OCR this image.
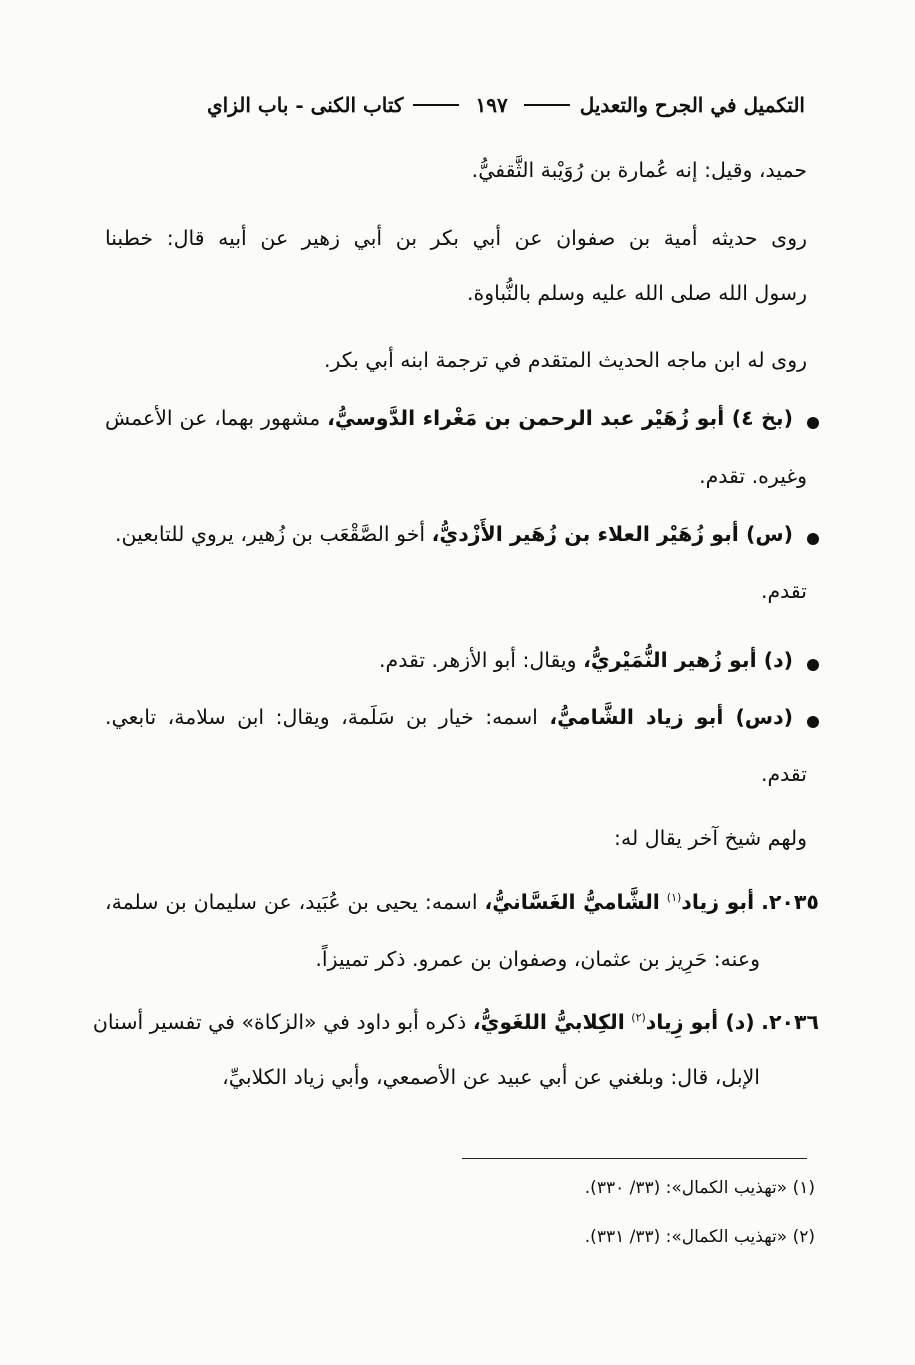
التكميل في الجرح والتعديل
١٩٧
كتاب الكنى - باب الزاي
حميد، وقيل: إنه عُمارة بن رُوَيْبة الثَّقفيُّ.
روى حديثه أمية بن صفوان عن أبي بكر بن أبي زهير عن أبيه قال: خطبنا
رسول الله صلى الله عليه وسلم بالنُّباوة.
روى له ابن ماجه الحديث المتقدم في ترجمة ابنه أبي بكر.
(بخ ٤) أبو زُهَيْر عبد الرحمن بن مَغْراء الدَّوسيُّ، مشهور بهما، عن الأعمش
وغيره. تقدم.
(س) أبو زُهَيْر العلاء بن زُهَير الأَزْديُّ، أخو الصَّقْعَب بن زُهير، يروي للتابعين.
تقدم.
(د) أبو زُهير النُّمَيْريُّ، ويقال: أبو الأزهر. تقدم.
(دس) أبو زياد الشَّاميُّ، اسمه: خيار بن سَلَمة، ويقال: ابن سلامة، تابعي.
تقدم.
ولهم شيخ آخر يقال له:
٢٠٣٥. أبو زياد$^{(١)}$ الشَّاميُّ الغَسَّانيُّ، اسمه: يحيى بن عُبَيد، عن سليمان بن سلمة،
وعنه: حَرِيز بن عثمان، وصفوان بن عمرو. ذكر تمييزاً.
٢٠٣٦. (د) أبو زِياد$^{(٢)}$ الكِلابيُّ اللغَويُّ، ذكره أبو داود في «الزكاة» في تفسير أسنان
الإبل، قال: وبلغني عن أبي عبيد عن الأصمعي، وأبي زياد الكلابيِّ،
(١) «تهذيب الكمال»: (٣٣/ ٣٣٠).
(٢) «تهذيب الكمال»: (٣٣/ ٣٣١).
